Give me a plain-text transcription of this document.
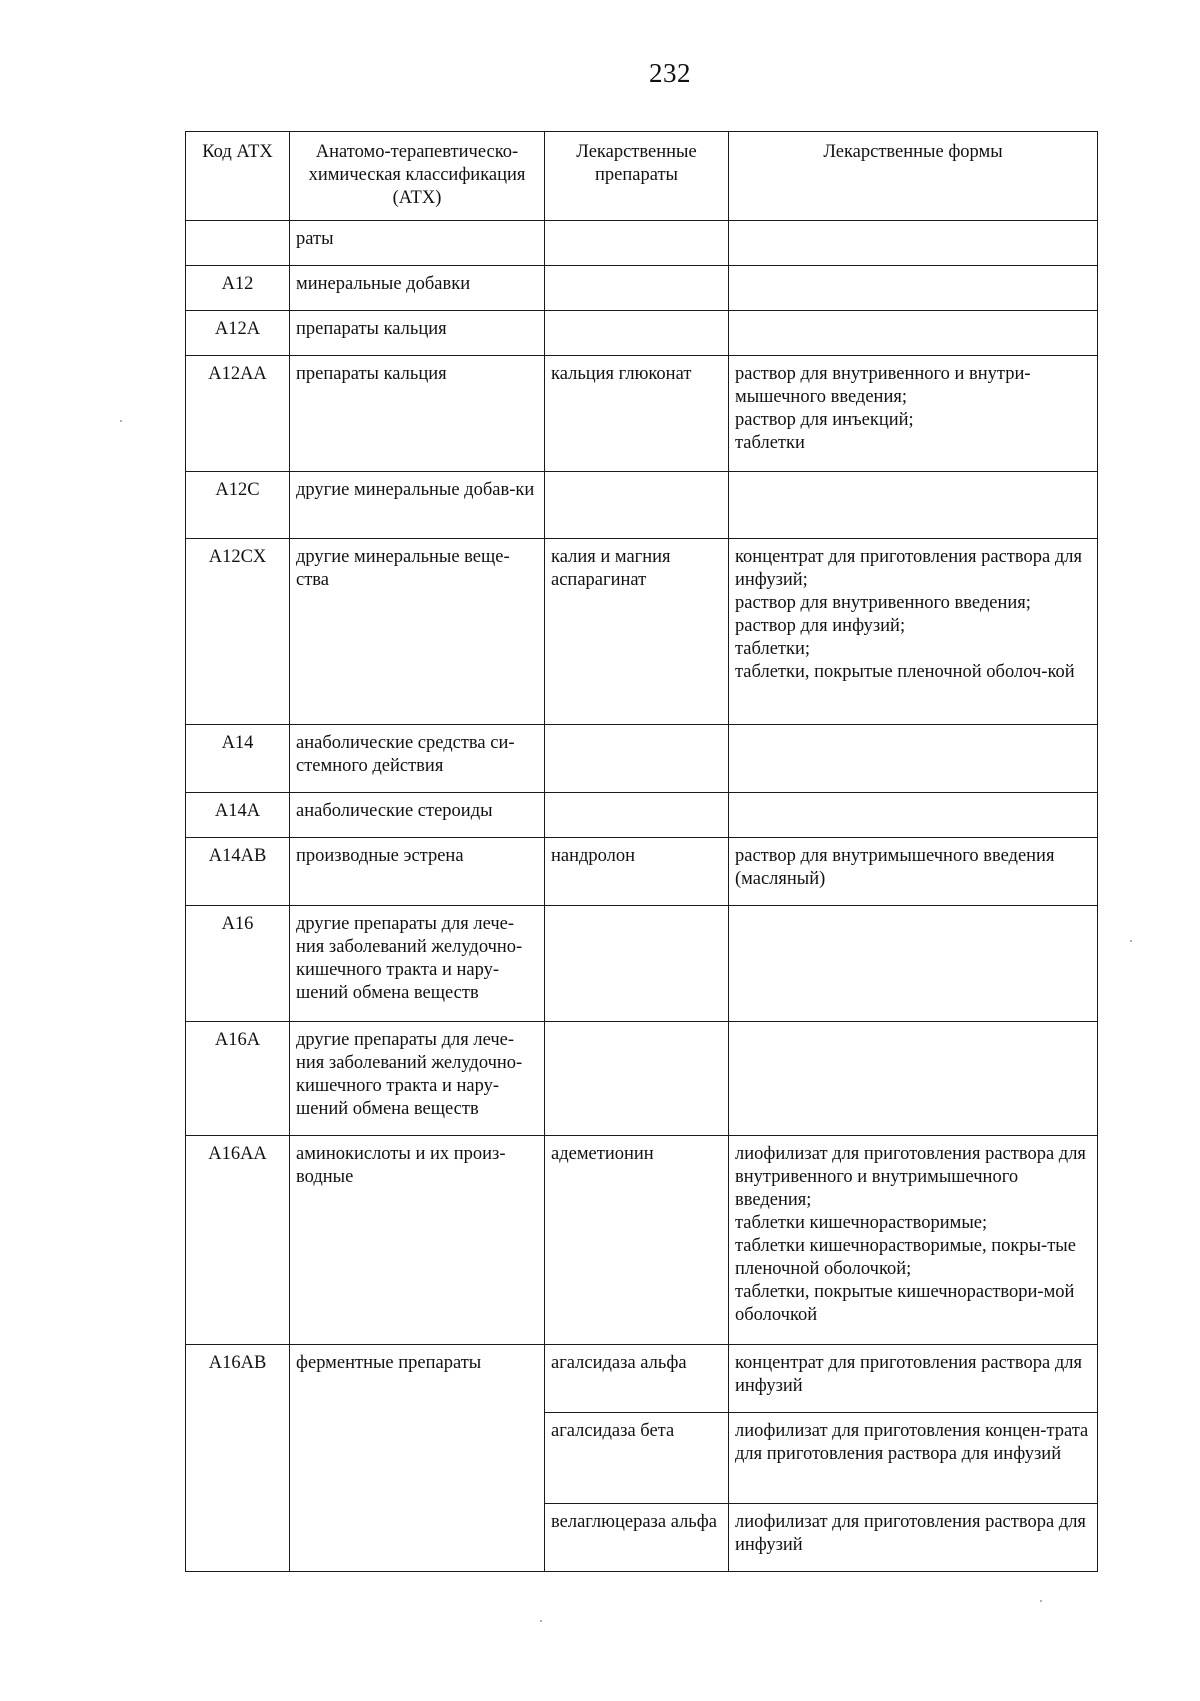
232
Код АТХ	Анатомо-терапевтическо-химическая классификация (АТХ)	Лекарственные препараты	Лекарственные формы
	раты		
A12	минеральные добавки		
A12A	препараты кальция		
A12AA	препараты кальция	кальция глюконат	раствор для внутривенного и внутри-мышечного введения;
раствор для инъекций;
таблетки
A12C	другие минеральные добав-ки		
A12CX	другие минеральные веще-ства	калия и магния аспарагинат	концентрат для приготовления раствора для инфузий;
раствор для внутривенного введения;
раствор для инфузий;
таблетки;
таблетки, покрытые пленочной оболоч-кой
A14	анаболические средства си-стемного действия		
A14A	анаболические стероиды		
A14AB	производные эстрена	нандролон	раствор для внутримышечного введения (масляный)
A16	другие препараты для лече-ния заболеваний желудочно-кишечного тракта и нару-шений обмена веществ		
A16A	другие препараты для лече-ния заболеваний желудочно-кишечного тракта и нару-шений обмена веществ		
A16AA	аминокислоты и их произ-водные	адеметионин	лиофилизат для приготовления раствора для внутривенного и внутримышечного введения;
таблетки кишечнорастворимые;
таблетки кишечнорастворимые, покры-тые пленочной оболочкой;
таблетки, покрытые кишечнораствори-мой оболочкой
A16AB	ферментные препараты	агалсидаза альфа	концентрат для приготовления раствора для инфузий
		агалсидаза бета	лиофилизат для приготовления концен-трата для приготовления раствора для инфузий
		велаглюцераза альфа	лиофилизат для приготовления раствора для инфузий
